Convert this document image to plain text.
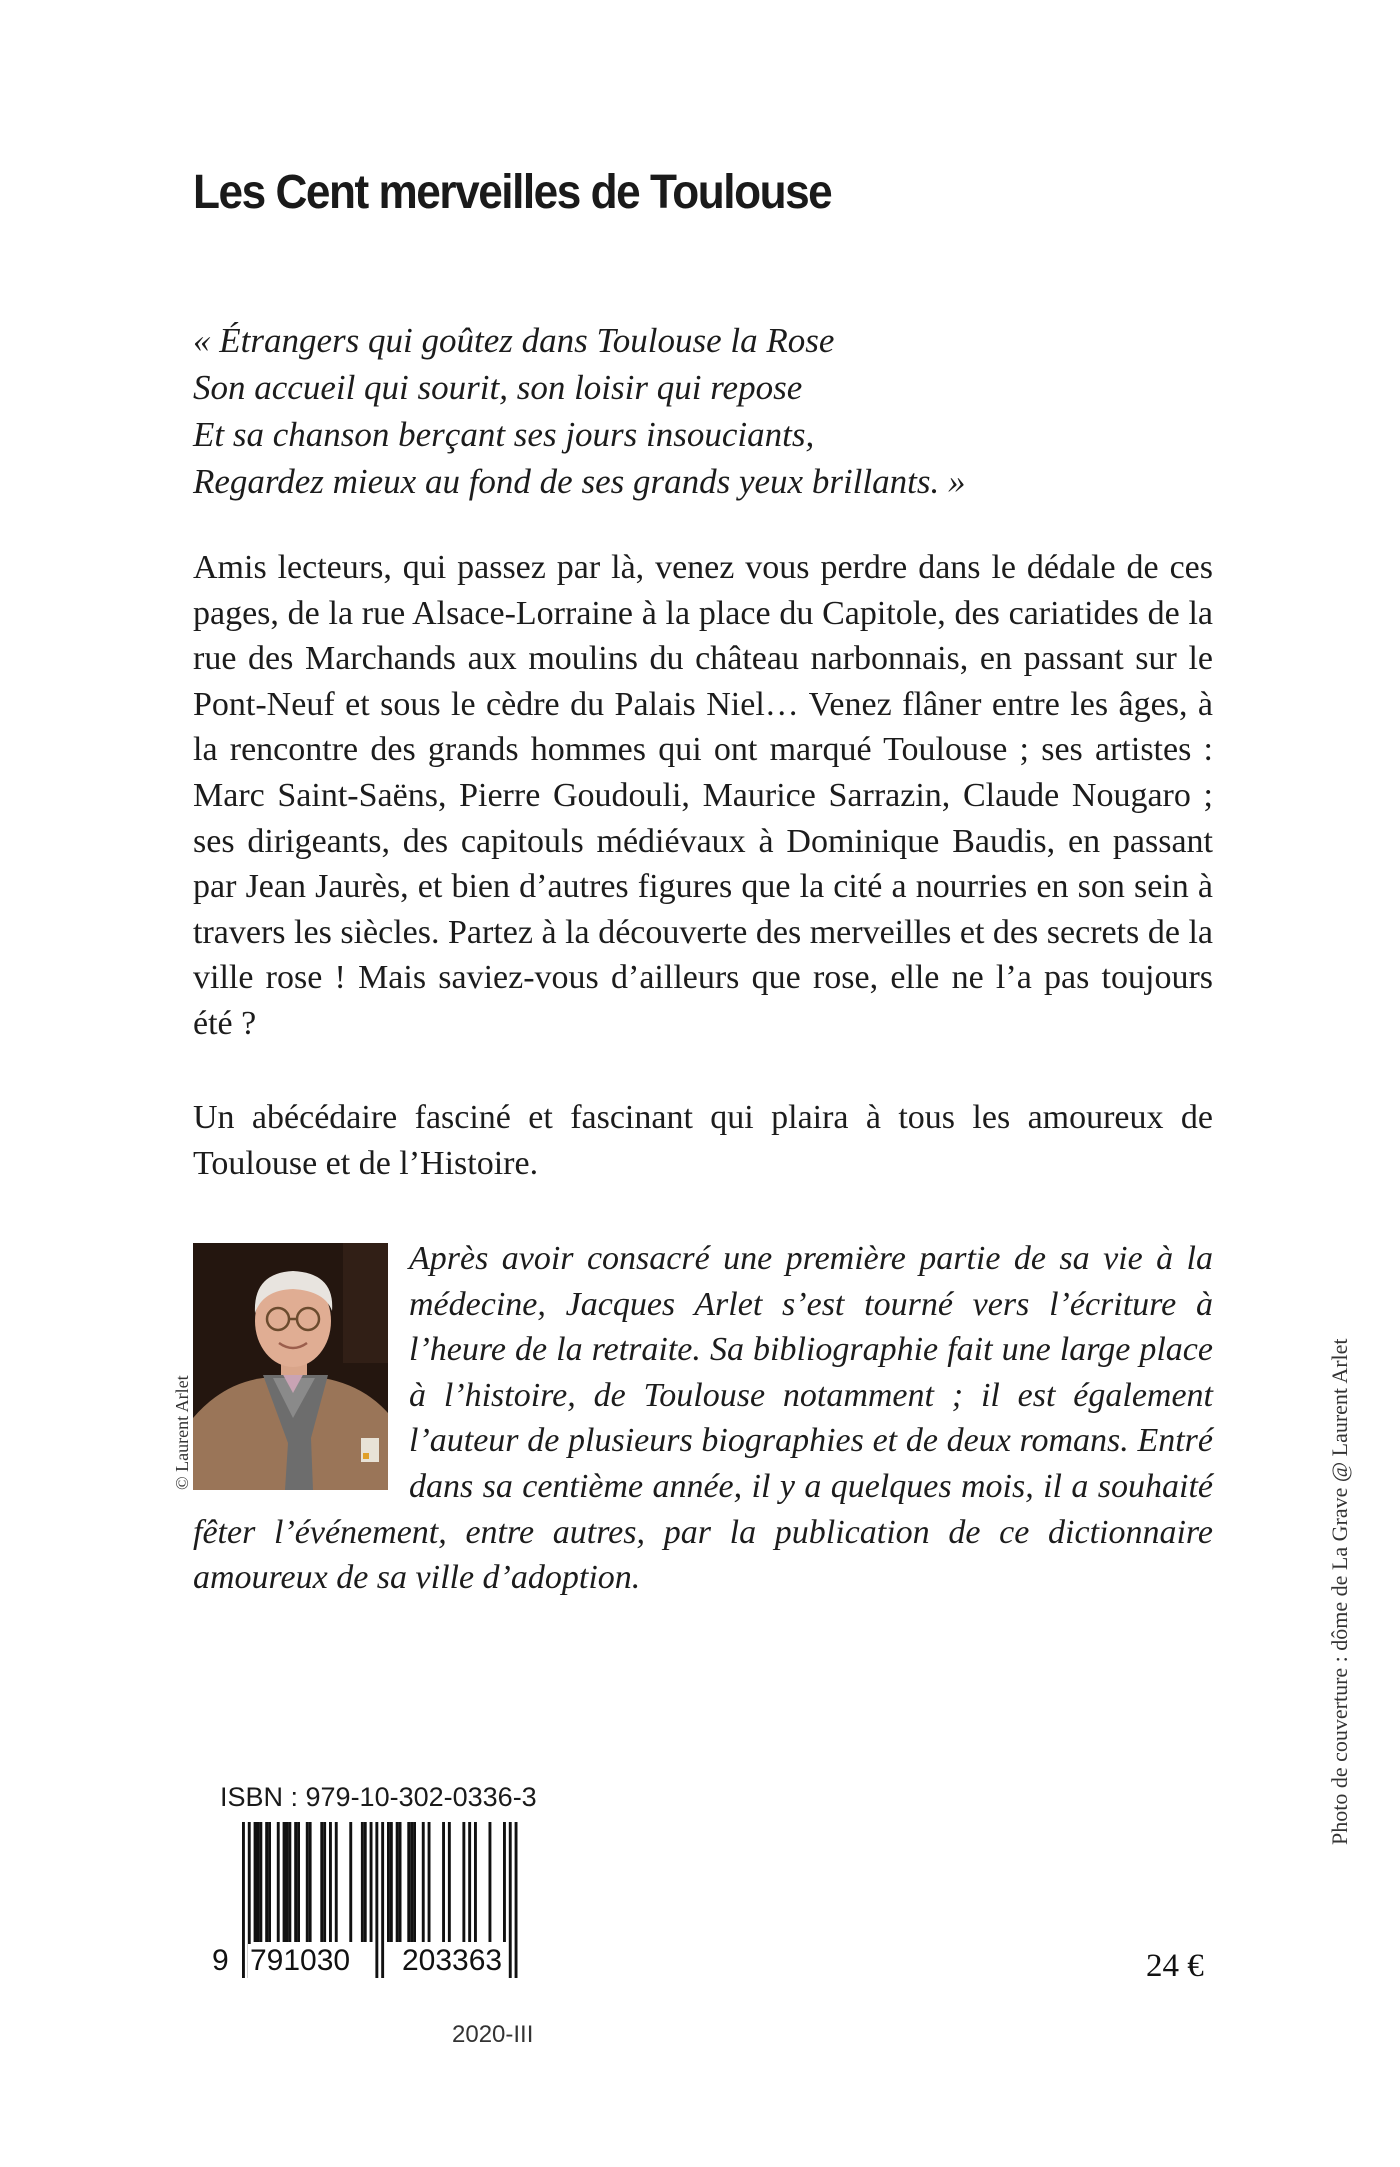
Les Cent merveilles de Toulouse
« Étrangers qui goûtez dans Toulouse la Rose
Son accueil qui sourit, son loisir qui repose
Et sa chanson berçant ses jours insouciants,
Regardez mieux au fond de ses grands yeux brillants. »
Amis lecteurs, qui passez par là, venez vous perdre dans le dédale de ces pages, de la rue Alsace-Lorraine à la place du Capitole, des cariatides de la rue des Marchands aux moulins du château narbonnais, en passant sur le Pont-Neuf et sous le cèdre du Palais Niel… Venez flâner entre les âges, à la rencontre des grands hommes qui ont marqué Toulouse ; ses artistes : Marc Saint-Saëns, Pierre Goudouli, Maurice Sarrazin, Claude Nougaro ; ses dirigeants, des capitouls médiévaux à Dominique Baudis, en passant par Jean Jaurès, et bien d’autres figures que la cité a nourries en son sein à travers les siècles. Partez à la découverte des merveilles et des secrets de la ville rose ! Mais saviez-vous d’ailleurs que rose, elle ne l’a pas toujours été ?
Un abécédaire fasciné et fascinant qui plaira à tous les amoureux de Toulouse et de l’Histoire.
© Laurent Arlet
Après avoir consacré une première partie de sa vie à la médecine, Jacques Arlet s’est tourné vers l’écriture à l’heure de la retraite. Sa bibliographie fait une large place à l’histoire, de Toulouse notamment ; il est également l’auteur de plusieurs biographies et de deux romans. Entré dans sa centième année, il y a quelques mois, il a souhaité fêter l’événement, entre autres, par la publication de ce dictionnaire amoureux de sa ville d’adoption.	Photo de couverture : dôme de La Grave @ Laurent Arlet
ISBN : 979-10-302-0336-3
9 791030 203363	24 €
2020-III
